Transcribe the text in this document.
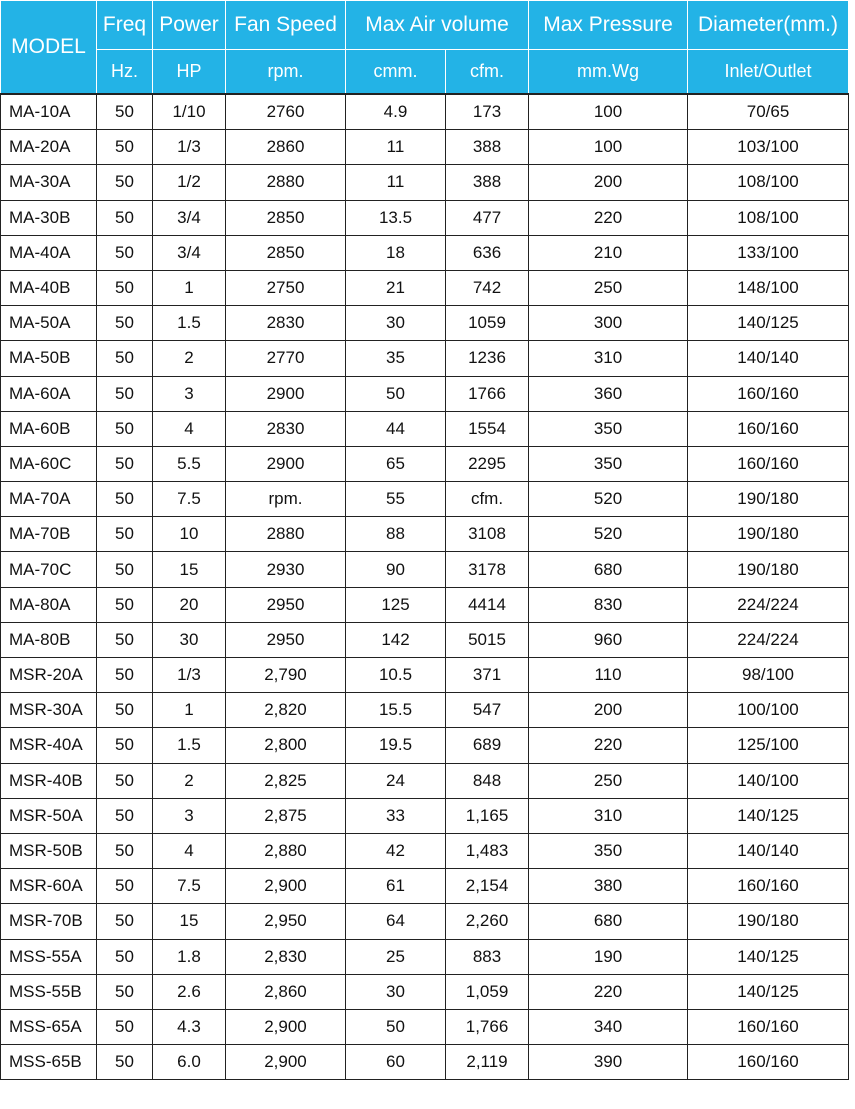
MODEL	Freq	Power	Fan Speed	Max Air volume		Max Pressure	Diameter(mm.)
	Hz.	HP	rpm.	cmm.	cfm.	mm.Wg	Inlet/Outlet
MA-10A	50	1/10	2760	4.9	173	100	70/65
MA-20A	50	1/3	2860	11	388	100	103/100
MA-30A	50	1/2	2880	11	388	200	108/100
MA-30B	50	3/4	2850	13.5	477	220	108/100
MA-40A	50	3/4	2850	18	636	210	133/100
MA-40B	50	1	2750	21	742	250	148/100
MA-50A	50	1.5	2830	30	1059	300	140/125
MA-50B	50	2	2770	35	1236	310	140/140
MA-60A	50	3	2900	50	1766	360	160/160
MA-60B	50	4	2830	44	1554	350	160/160
MA-60C	50	5.5	2900	65	2295	350	160/160
MA-70A	50	7.5	rpm.	55	cfm.	520	190/180
MA-70B	50	10	2880	88	3108	520	190/180
MA-70C	50	15	2930	90	3178	680	190/180
MA-80A	50	20	2950	125	4414	830	224/224
MA-80B	50	30	2950	142	5015	960	224/224
MSR-20A	50	1/3	2,790	10.5	371	110	98/100
MSR-30A	50	1	2,820	15.5	547	200	100/100
MSR-40A	50	1.5	2,800	19.5	689	220	125/100
MSR-40B	50	2	2,825	24	848	250	140/100
MSR-50A	50	3	2,875	33	1,165	310	140/125
MSR-50B	50	4	2,880	42	1,483	350	140/140
MSR-60A	50	7.5	2,900	61	2,154	380	160/160
MSR-70B	50	15	2,950	64	2,260	680	190/180
MSS-55A	50	1.8	2,830	25	883	190	140/125
MSS-55B	50	2.6	2,860	30	1,059	220	140/125
MSS-65A	50	4.3	2,900	50	1,766	340	160/160
MSS-65B	50	6.0	2,900	60	2,119	390	160/160
